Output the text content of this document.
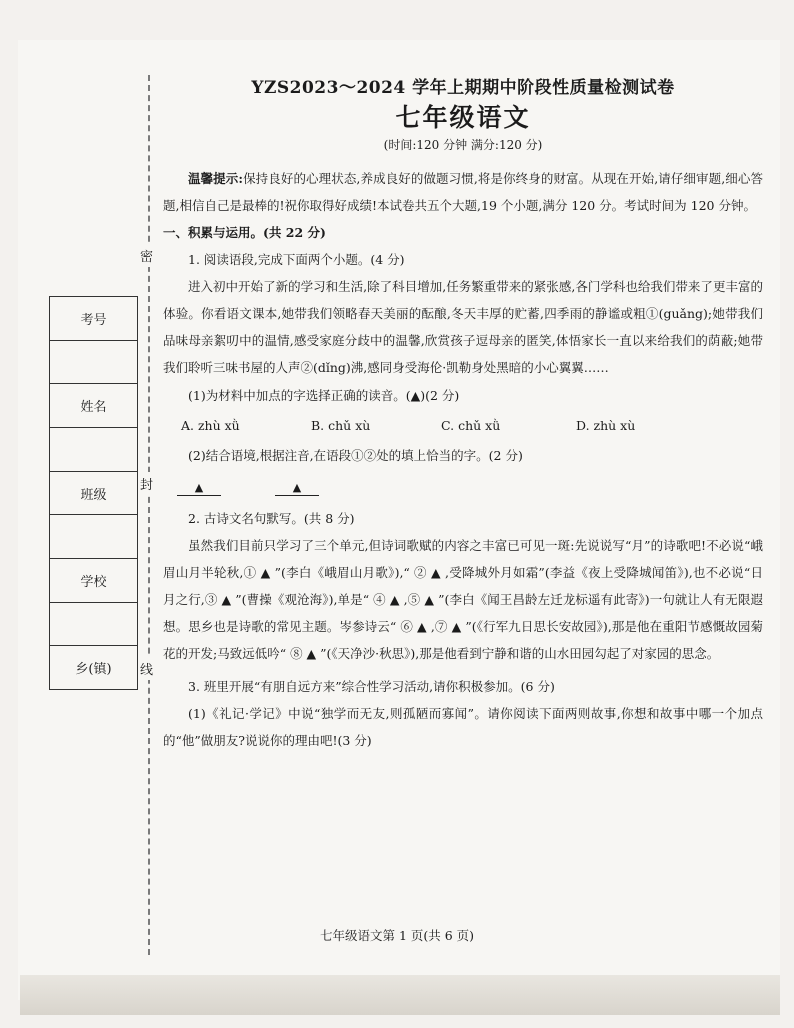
密
封
线
考号
姓名
班级
学校
乡(镇)
YZS2023～2024 学年上期期中阶段性质量检测试卷
七年级语文
(时间:120 分钟 满分:120 分)

温馨提示:保持良好的心理状态,养成良好的做题习惯,将是你终身的财富。从现在开始,请仔细审题,细心答题,相信自己是最棒的!祝你取得好成绩!本试卷共五个大题,19 个小题,满分 120 分。考试时间为 120 分钟。

一、积累与运用。(共 22 分)

1. 阅读语段,完成下面两个小题。(4 分)

进入初中开始了新的学习和生活,除了科目增加,任务繁重带来的紧张感,各门学科也给我们带来了更丰富的体验。你看语文课本,她带我们领略春天美丽的酝酿,冬天丰厚的贮蓄,四季雨的静谧或粗①(guǎng);她带我们品味母亲絮叨中的温情,感受家庭分歧中的温馨,欣赏孩子逗母亲的匿笑,体悟家长一直以来给我们的荫蔽;她带我们聆听三味书屋的人声②(dǐng)沸,感同身受海伦·凯勒身处黑暗的小心翼翼……

(1)为材料中加点的字选择正确的读音。(▲)(2 分)

A. zhù xǜ	B. chǔ xù	C. chǔ xǜ	D. zhù xù

(2)结合语境,根据注音,在语段①②处的填上恰当的字。(2 分)

▲	▲

2. 古诗文名句默写。(共 8 分)

虽然我们目前只学习了三个单元,但诗词歌赋的内容之丰富已可见一斑:先说说写“月”的诗歌吧!不必说“峨眉山月半轮秋,① ▲ ”(李白《峨眉山月歌》),“ ② ▲ ,受降城外月如霜”(李益《夜上受降城闻笛》),也不必说“日月之行,③ ▲ ”(曹操《观沧海》),单是“ ④ ▲ ,⑤ ▲ ”(李白《闻王昌龄左迁龙标遥有此寄》)一句就让人有无限遐想。思乡也是诗歌的常见主题。岑参诗云“ ⑥ ▲ ,⑦ ▲ ”(《行军九日思长安故园》),那是他在重阳节感慨故园菊花的开发;马致远低吟“ ⑧ ▲ ”(《天净沙·秋思》),那是他看到宁静和谐的山水田园勾起了对家园的思念。

3. 班里开展“有朋自远方来”综合性学习活动,请你积极参加。(6 分)

(1)《礼记·学记》中说“独学而无友,则孤陋而寡闻”。请你阅读下面两则故事,你想和故事中哪一个加点的“他”做朋友?说说你的理由吧!(3 分)

七年级语文第 1 页(共 6 页)
